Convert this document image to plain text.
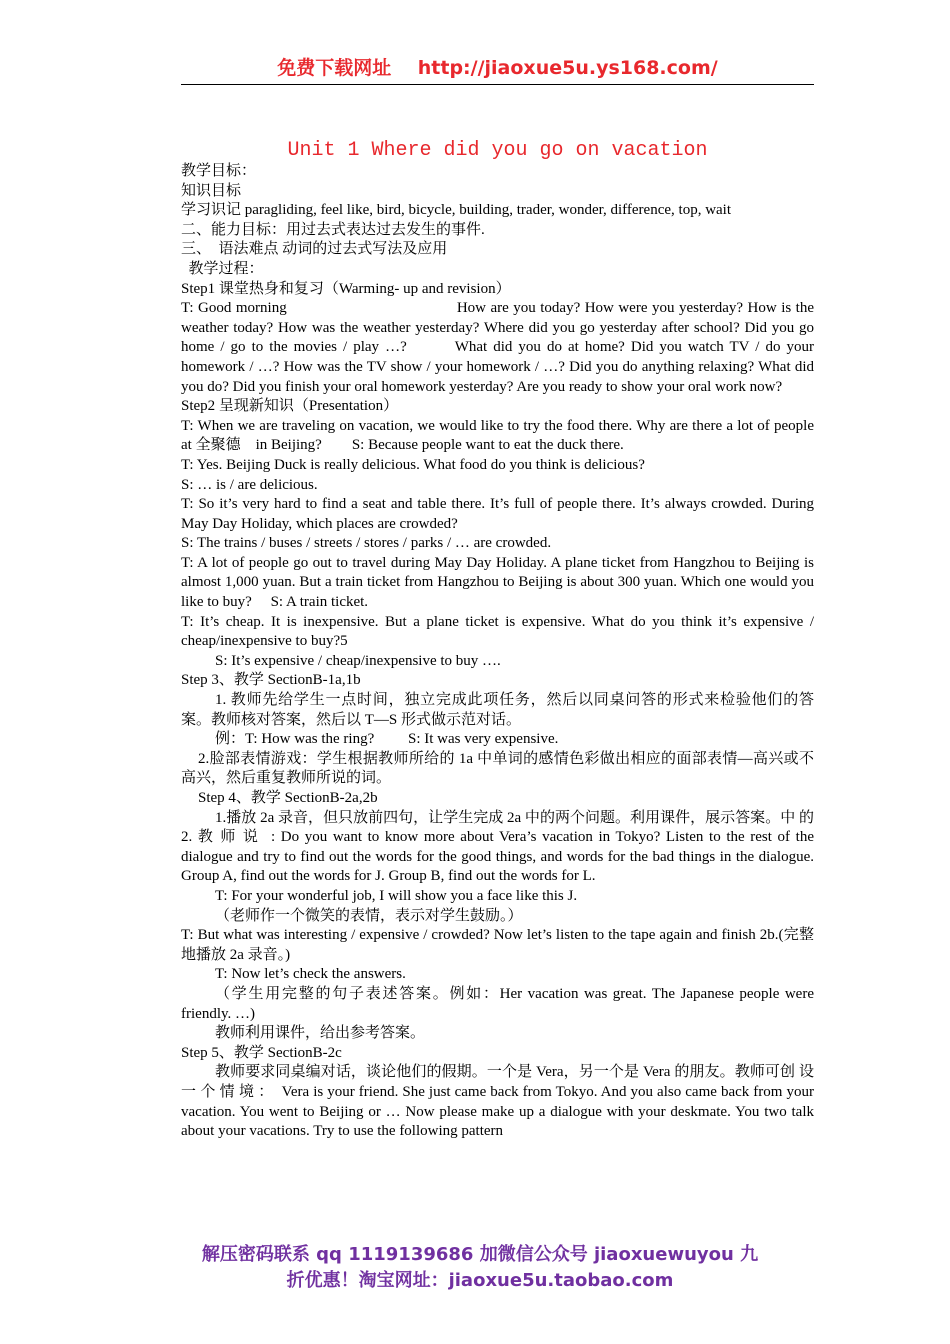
免费下载网址 http://jiaoxue5u.ys168.com/
Unit 1 Where did you go on vacation

教学目标：

知识目标

学习识记 paragliding, feel like, bird, bicycle, building, trader, wonder, difference, top, wait

二、能力目标：用过去式表达过去发生的事件.

三、  语法难点 动词的过去式写法及应用

教学过程：

Step1 课堂热身和复习（Warming- up and revision）

T: Good morning                                      How are you today? How were you yesterday? How is the weather today? How was the weather yesterday? Where did you go yesterday after school? Did you go home / go to the movies / play …?        What did you do at home? Did you watch TV / do your homework / …? How was the TV show / your homework / …? Did you do anything relaxing? What did you do? Did you finish your oral homework yesterday? Are you ready to show your oral work now?

Step2 呈现新知识（Presentation）

T: When we are traveling on vacation, we would like to try the food there. Why are there a lot of people at 全聚德    in Beijing?        S: Because people want to eat the duck there.

T: Yes. Beijing Duck is really delicious. What food do you think is delicious?

S: … is / are delicious.

T: So it’s very hard to find a seat and table there. It’s full of people there. It’s always crowded. During May Day Holiday, which places are crowded?

S: The trains / buses / streets / stores / parks / … are crowded.

T: A lot of people go out to travel during May Day Holiday. A plane ticket from Hangzhou to Beijing is almost 1,000 yuan. But a train ticket from Hangzhou to Beijing is about 300 yuan. Which one would you like to buy?     S: A train ticket.

T: It’s cheap. It is inexpensive. But a plane ticket is expensive. What do you think it’s expensive / cheap/inexpensive to buy?5

S: It’s expensive / cheap/inexpensive to buy ….

Step 3、教学 SectionB-1a,1b

1. 教师先给学生一点时间，独立完成此项任务，然后以同桌问答的形式来检验他们的答案。教师核对答案，然后以 T—S 形式做示范对话。

例：T: How was the ring?         S: It was very expensive.

2.脸部表情游戏：学生根据教师所给的 1a 中单词的感情色彩做出相应的面部表情—高兴或不高兴，然后重复教师所说的词。

Step 4、教学 SectionB-2a,2b

1.播放 2a 录音，但只放前四句，让学生完成 2a 中的两个问题。利用课件，展示答案。中 的  2. 教 师 说  : Do you want to know more about Vera’s vacation in Tokyo? Listen to the rest of the dialogue and try to find out the words for the good things, and words for the bad things in the dialogue. Group A, find out the words for J. Group B, find out the words for L.

T: For your wonderful job, I will show you a face like this J.

（老师作一个微笑的表情，表示对学生鼓励。）

T: But what was interesting / expensive / crowded? Now let’s listen to the tape again and finish 2b.(完整地播放 2a 录音。)

T: Now let’s check the answers.

（学生用完整的句子表述答案。例如：Her vacation was great. The Japanese people were friendly. …)

教师利用课件，给出参考答案。

Step 5、教学 SectionB-2c

教师要求同桌编对话，谈论他们的假期。一个是 Vera，另一个是 Vera 的朋友。教师可创 设 一 个 情 境 ：  Vera is your friend. She just came back from Tokyo. And you also came back from your vacation. You went to Beijing or … Now please make up a dialogue with your deskmate. You two talk about your vacations. Try to use the following pattern

解压密码联系 qq 1119139686 加微信公众号 jiaoxuewuyou 九
折优惠！淘宝网址：jiaoxue5u.taobao.com
